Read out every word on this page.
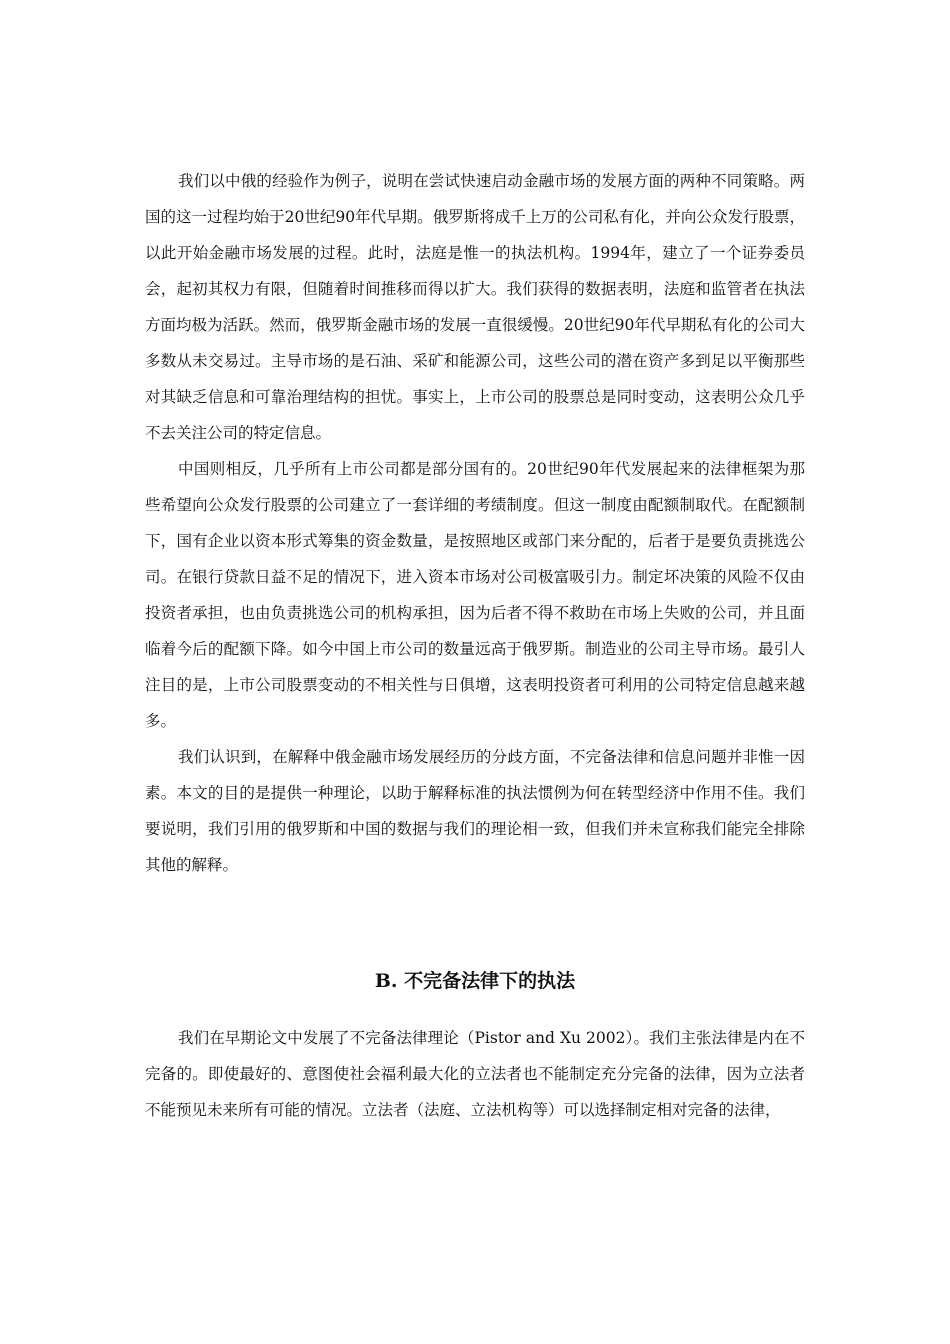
我们以中俄的经验作为例子，说明在尝试快速启动金融市场的发展方面的两种不同策略。两国的这一过程均始于20世纪90年代早期。俄罗斯将成千上万的公司私有化，并向公众发行股票，以此开始金融市场发展的过程。此时，法庭是惟一的执法机构。1994年，建立了一个证券委员会，起初其权力有限，但随着时间推移而得以扩大。我们获得的数据表明，法庭和监管者在执法方面均极为活跃。然而，俄罗斯金融市场的发展一直很缓慢。20世纪90年代早期私有化的公司大多数从未交易过。主导市场的是石油、采矿和能源公司，这些公司的潜在资产多到足以平衡那些对其缺乏信息和可靠治理结构的担忧。事实上，上市公司的股票总是同时变动，这表明公众几乎不去关注公司的特定信息。

中国则相反，几乎所有上市公司都是部分国有的。20世纪90年代发展起来的法律框架为那些希望向公众发行股票的公司建立了一套详细的考绩制度。但这一制度由配额制取代。在配额制下，国有企业以资本形式筹集的资金数量，是按照地区或部门来分配的，后者于是要负责挑选公司。在银行贷款日益不足的情况下，进入资本市场对公司极富吸引力。制定坏决策的风险不仅由投资者承担，也由负责挑选公司的机构承担，因为后者不得不救助在市场上失败的公司，并且面临着今后的配额下降。如今中国上市公司的数量远高于俄罗斯。制造业的公司主导市场。最引人注目的是，上市公司股票变动的不相关性与日俱增，这表明投资者可利用的公司特定信息越来越多。

我们认识到，在解释中俄金融市场发展经历的分歧方面，不完备法律和信息问题并非惟一因素。本文的目的是提供一种理论，以助于解释标准的执法惯例为何在转型经济中作用不佳。我们要说明，我们引用的俄罗斯和中国的数据与我们的理论相一致，但我们并未宣称我们能完全排除其他的解释。

B. 不完备法律下的执法

我们在早期论文中发展了不完备法律理论（Pistor and Xu 2002）。我们主张法律是内在不完备的。即使最好的、意图使社会福利最大化的立法者也不能制定充分完备的法律，因为立法者不能预见未来所有可能的情况。立法者（法庭、立法机构等）可以选择制定相对完备的法律，
